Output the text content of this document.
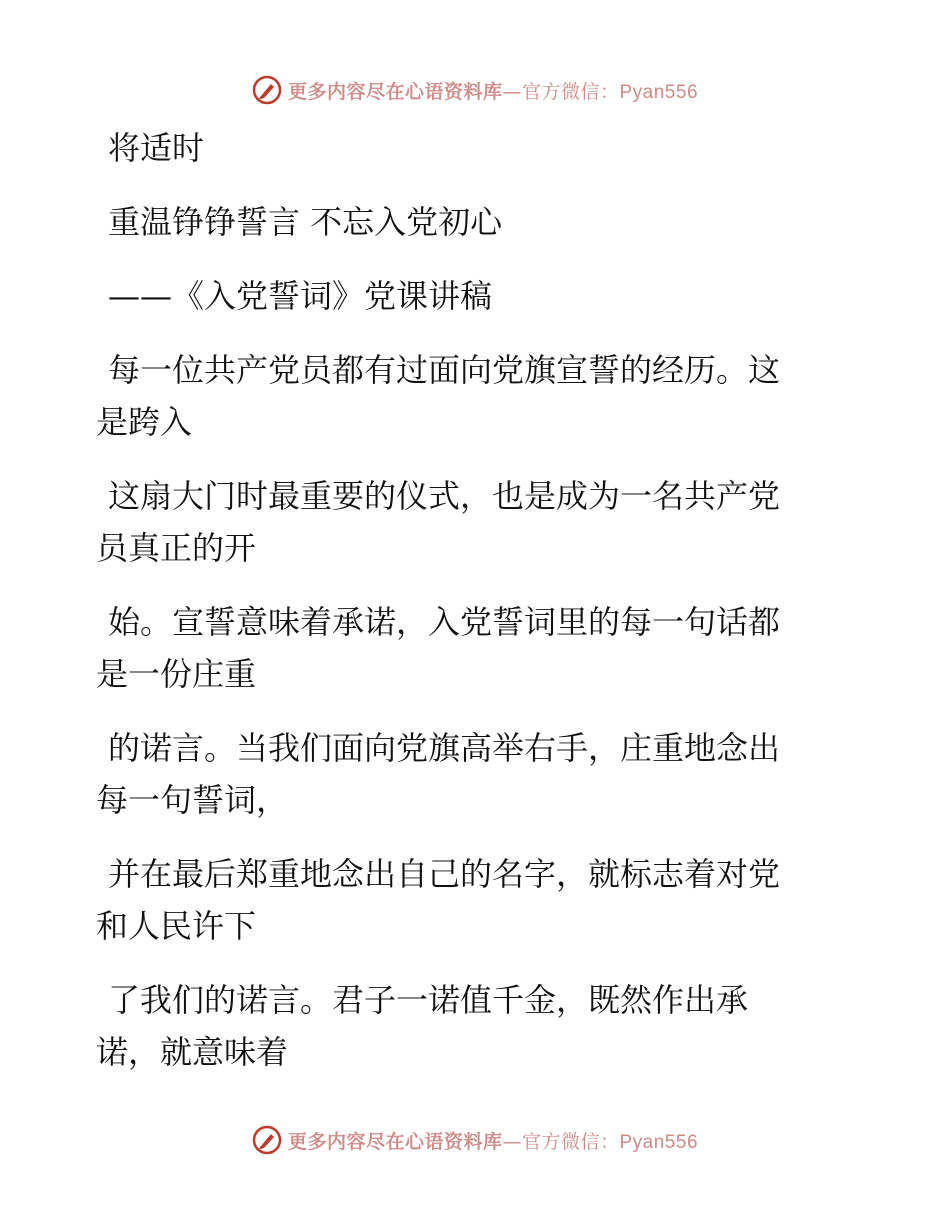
更多内容尽在心语资料库—官方微信：Pyan556
将适时
重温铮铮誓言 不忘入党初心
——《入党誓词》党课讲稿
每一位共产党员都有过面向党旗宣誓的经历。这
是跨入
这扇大门时最重要的仪式，也是成为一名共产党
员真正的开
始。宣誓意味着承诺，入党誓词里的每一句话都
是一份庄重
的诺言。当我们面向党旗高举右手，庄重地念出
每一句誓词，
并在最后郑重地念出自己的名字，就标志着对党
和人民许下
了我们的诺言。君子一诺值千金，既然作出承
诺，就意味着
更多内容尽在心语资料库—官方微信：Pyan556
